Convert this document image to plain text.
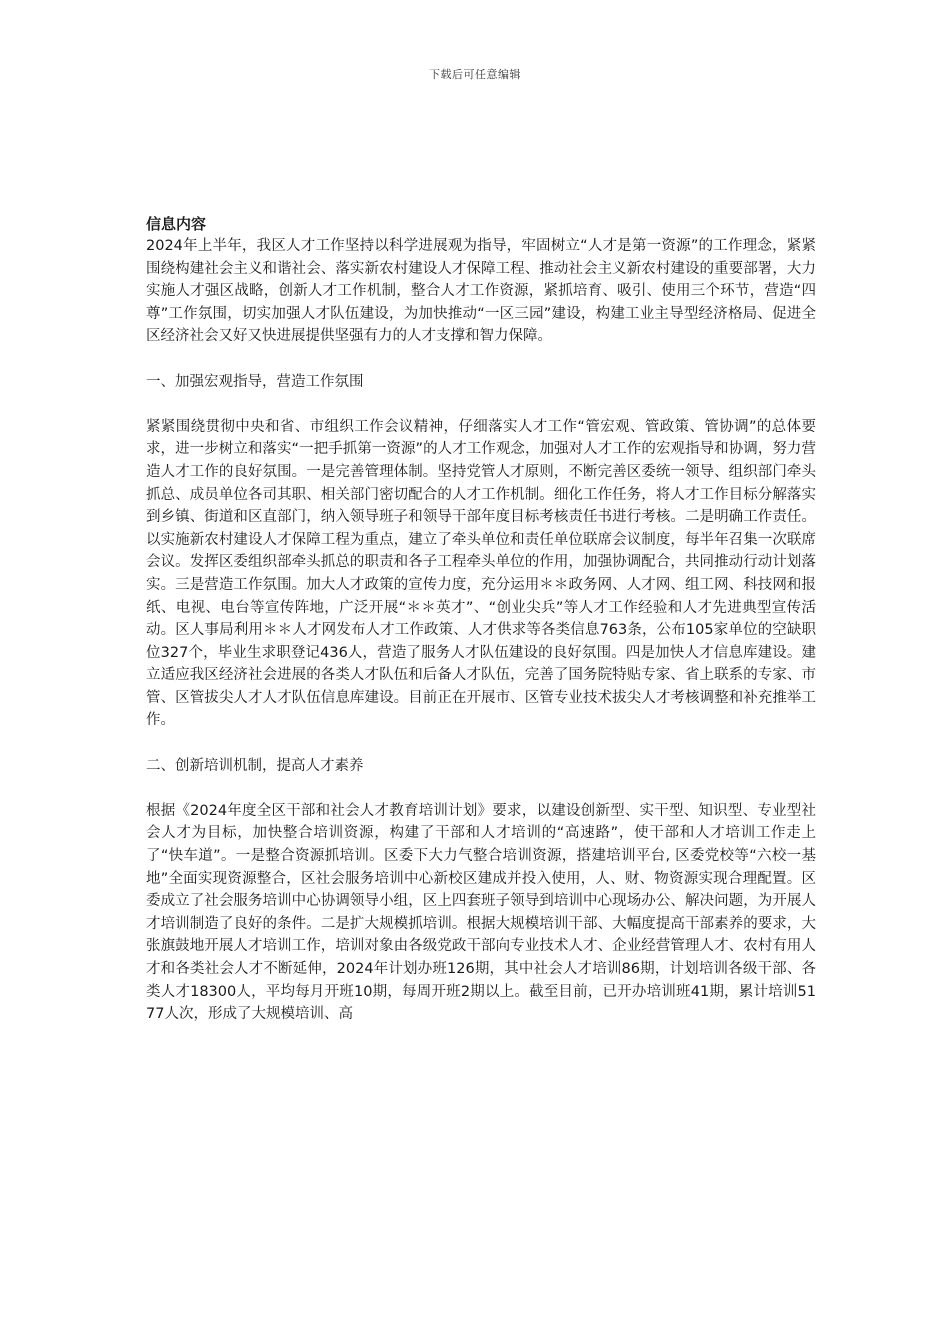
下载后可任意编辑

信息内容

2024年上半年，我区人才工作坚持以科学进展观为指导，牢固树立“人才是第一资源”的工作理念，紧紧围绕构建社会主义和谐社会、落实新农村建设人才保障工程、推动社会主义新农村建设的重要部署，大力实施人才强区战略，创新人才工作机制，整合人才工作资源，紧抓培育、吸引、使用三个环节，营造“四尊”工作氛围，切实加强人才队伍建设，为加快推动“一区三园”建设，构建工业主导型经济格局、促进全区经济社会又好又快进展提供坚强有力的人才支撑和智力保障。

一、加强宏观指导，营造工作氛围

紧紧围绕贯彻中央和省、市组织工作会议精神，仔细落实人才工作“管宏观、管政策、管协调”的总体要求，进一步树立和落实“一把手抓第一资源”的人才工作观念，加强对人才工作的宏观指导和协调，努力营造人才工作的良好氛围。一是完善管理体制。坚持党管人才原则，不断完善区委统一领导、组织部门牵头抓总、成员单位各司其职、相关部门密切配合的人才工作机制。细化工作任务，将人才工作目标分解落实到乡镇、街道和区直部门，纳入领导班子和领导干部年度目标考核责任书进行考核。二是明确工作责任。以实施新农村建设人才保障工程为重点，建立了牵头单位和责任单位联席会议制度，每半年召集一次联席会议。发挥区委组织部牵头抓总的职责和各子工程牵头单位的作用，加强协调配合，共同推动行动计划落实。三是营造工作氛围。加大人才政策的宣传力度，充分运用＊＊政务网、人才网、组工网、科技网和报纸、电视、电台等宣传阵地，广泛开展“＊＊英才”、“创业尖兵”等人才工作经验和人才先进典型宣传活动。区人事局利用＊＊人才网发布人才工作政策、人才供求等各类信息763条，公布105家单位的空缺职位327个，毕业生求职登记436人，营造了服务人才队伍建设的良好氛围。四是加快人才信息库建设。建立适应我区经济社会进展的各类人才队伍和后备人才队伍，完善了国务院特贴专家、省上联系的专家、市管、区管拔尖人才人才队伍信息库建设。目前正在开展市、区管专业技术拔尖人才考核调整和补充推举工作。

二、创新培训机制，提高人才素养

根据《2024年度全区干部和社会人才教育培训计划》要求，以建设创新型、实干型、知识型、专业型社会人才为目标，加快整合培训资源，构建了干部和人才培训的“高速路”，使干部和人才培训工作走上了“快车道”。一是整合资源抓培训。区委下大力气整合培训资源，搭建培训平台, 区委党校等“六校一基地”全面实现资源整合，区社会服务培训中心新校区建成并投入使用，人、财、物资源实现合理配置。区委成立了社会服务培训中心协调领导小组，区上四套班子领导到培训中心现场办公、解决问题，为开展人才培训制造了良好的条件。二是扩大规模抓培训。根据大规模培训干部、大幅度提高干部素养的要求，大张旗鼓地开展人才培训工作，培训对象由各级党政干部向专业技术人才、企业经营管理人才、农村有用人才和各类社会人才不断延伸，2024年计划办班126期，其中社会人才培训86期，计划培训各级干部、各类人才18300人，平均每月开班10期，每周开班2期以上。截至目前，已开办培训班41期，累计培训5177人次，形成了大规模培训、高
